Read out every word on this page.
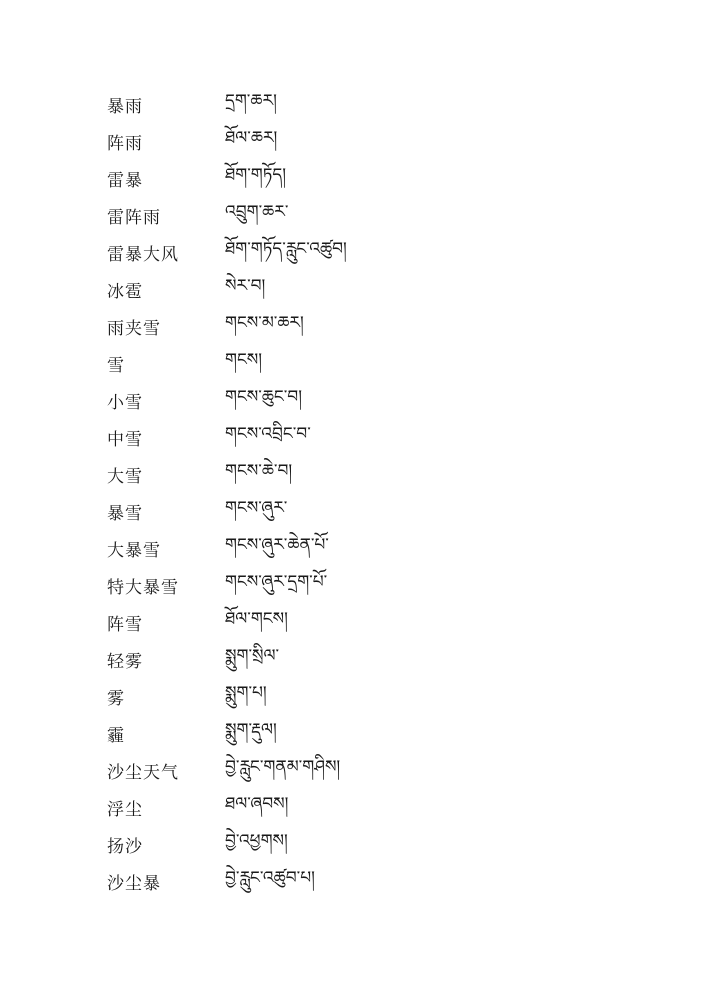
暴雨	དྲག་ཆར།
阵雨	ཐོལ་ཆར།
雷暴	ཐོག་གཏོད།
雷阵雨	འབྲུག་ཆར་
雷暴大风	ཐོག་གཏོད་རླུང་འཚུབ།
冰雹	སེར་བ།
雨夹雪	གངས་མ་ཆར།
雪	གངས།
小雪	གངས་ཆུང་བ།
中雪	གངས་འབྲིང་བ་
大雪	གངས་ཆེ་བ།
暴雪	གངས་ཞུར་
大暴雪	གངས་ཞུར་ཆེན་པོ་
特大暴雪	གངས་ཞུར་དྲག་པོ་
阵雪	ཐོལ་གངས།
轻雾	སྨུག་སྲིལ་
雾	སྨུག་པ།
霾	སྨུག་རྡུལ།
沙尘天气	བྱེ་རླུང་གནམ་གཤིས།
浮尘	ཐལ་ཞབས།
扬沙	བྱེ་འཕྱགས།
沙尘暴	བྱེ་རླུང་འཚུབ་པ།
